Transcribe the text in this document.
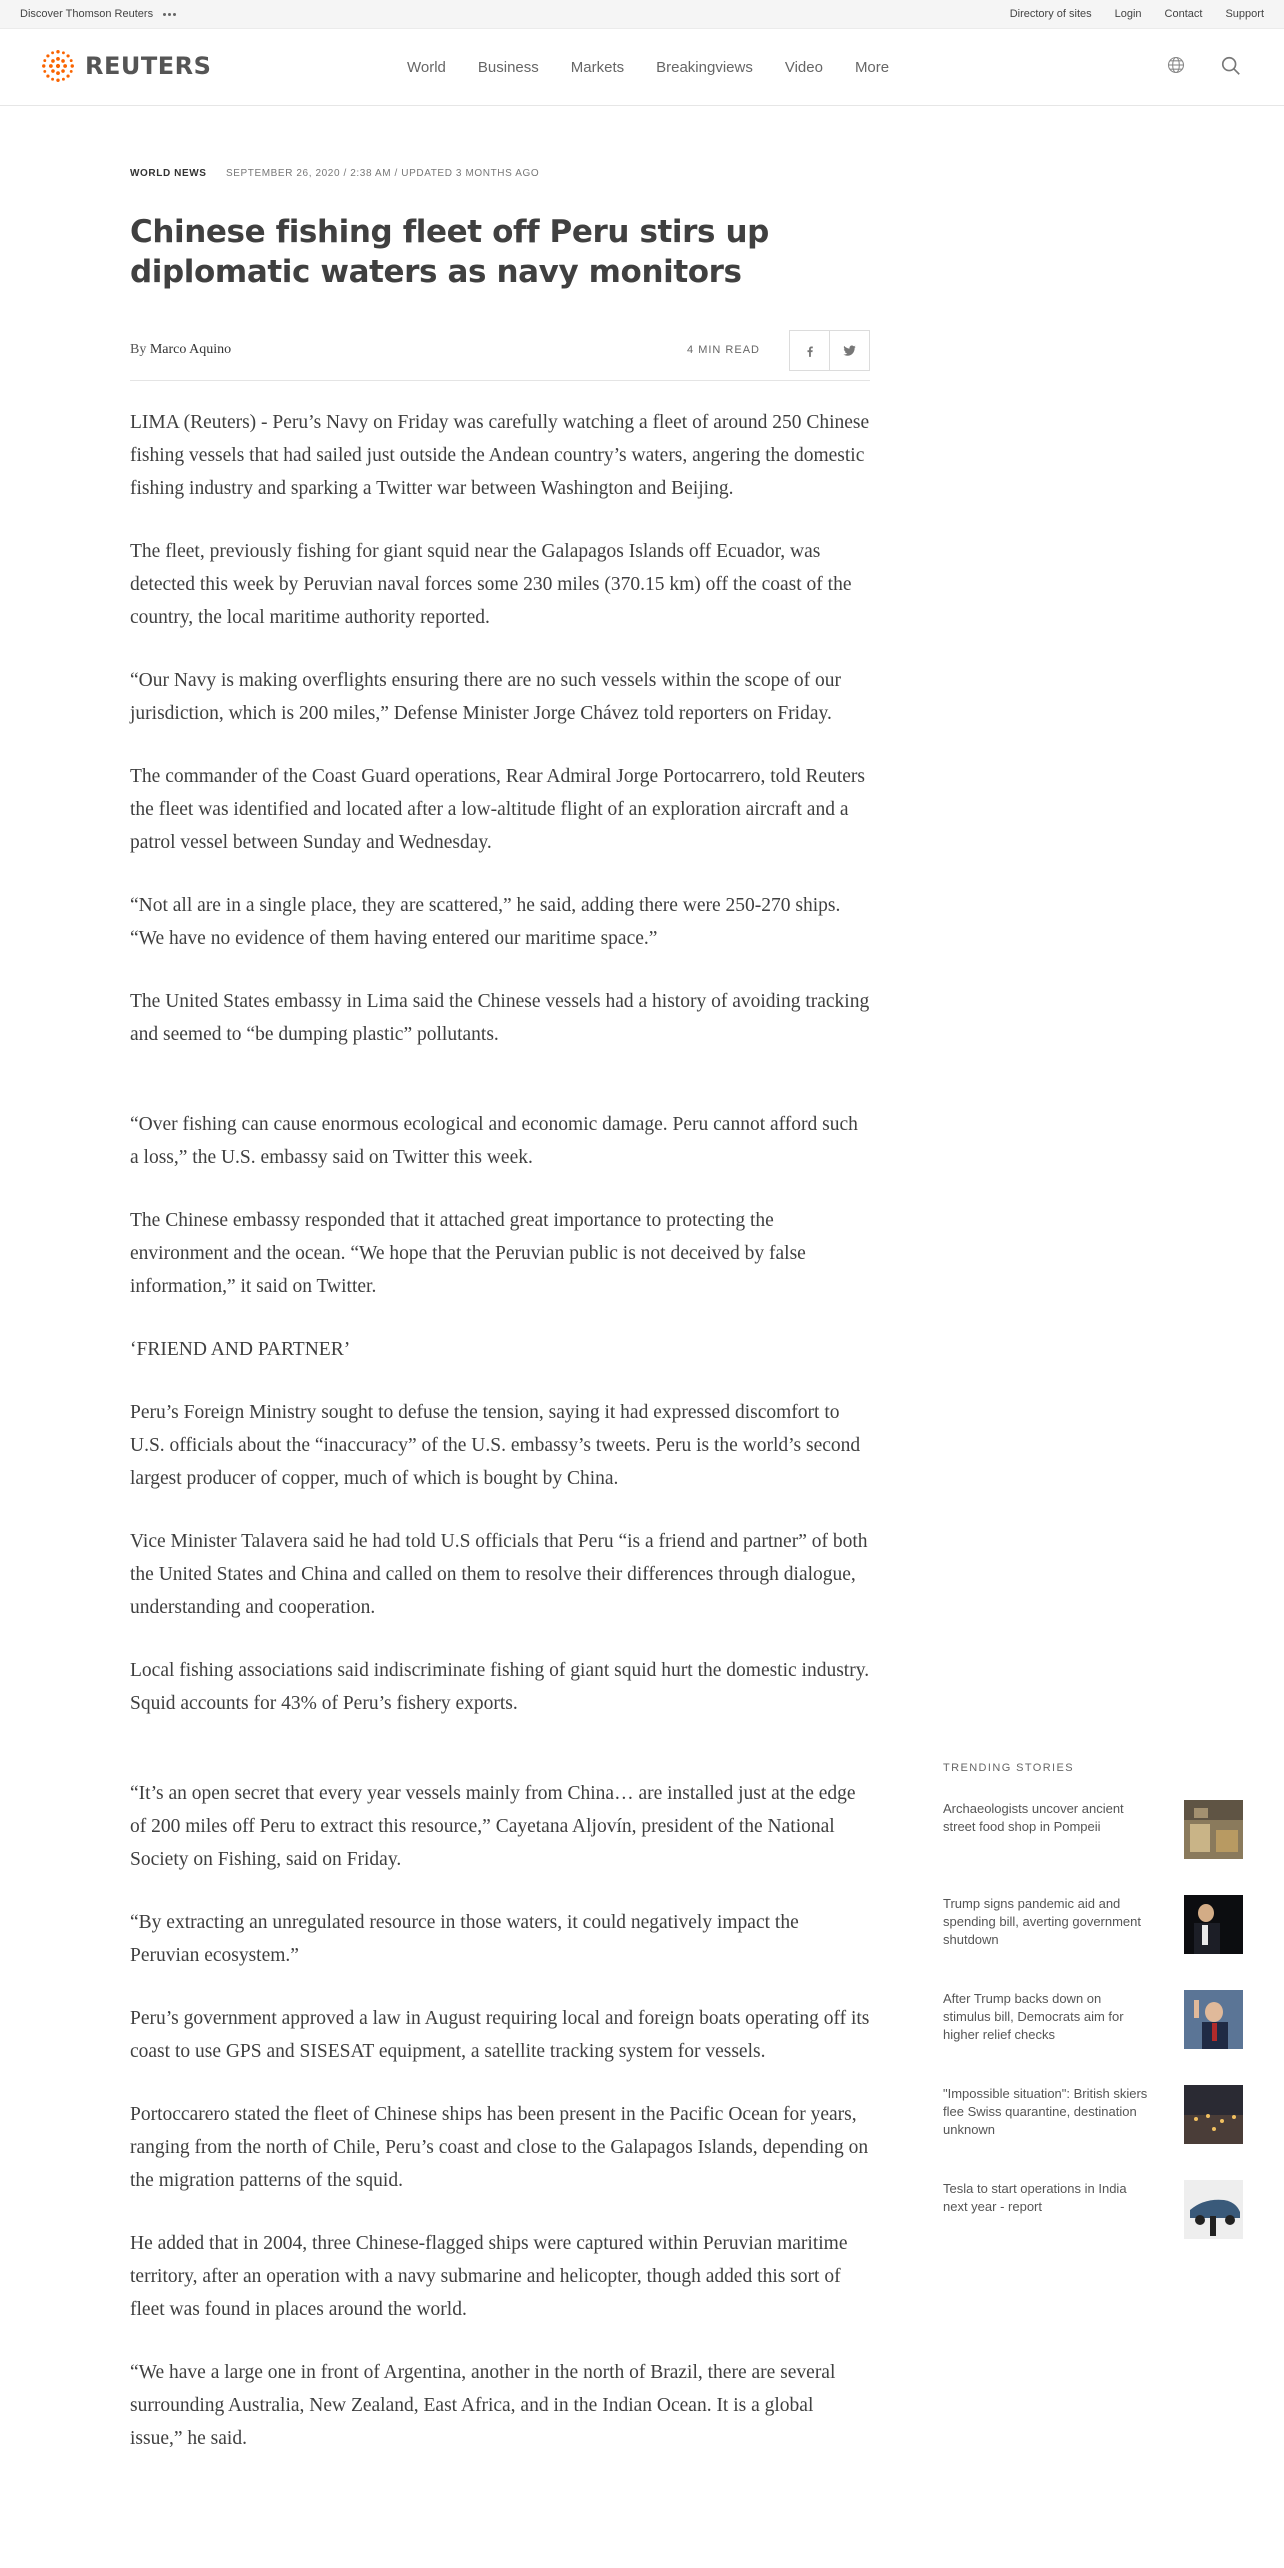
Discover Thomson Reuters	Directory of sites Login Contact Support
REUTERS	World Business Markets Breakingviews Video More
WORLD NEWS SEPTEMBER 26, 2020 / 2:38 AM / UPDATED 3 MONTHS AGO
Chinese fishing fleet off Peru stirs up diplomatic waters as navy monitors
By Marco Aquino	4 MIN READ

LIMA (Reuters) - Peru’s Navy on Friday was carefully watching a fleet of around 250 Chinese fishing vessels that had sailed just outside the Andean country’s waters, angering the domestic fishing industry and sparking a Twitter war between Washington and Beijing.

The fleet, previously fishing for giant squid near the Galapagos Islands off Ecuador, was detected this week by Peruvian naval forces some 230 miles (370.15 km) off the coast of the country, the local maritime authority reported.

“Our Navy is making overflights ensuring there are no such vessels within the scope of our jurisdiction, which is 200 miles,” Defense Minister Jorge Chávez told reporters on Friday.

The commander of the Coast Guard operations, Rear Admiral Jorge Portocarrero, told Reuters the fleet was identified and located after a low-altitude flight of an exploration aircraft and a patrol vessel between Sunday and Wednesday.

“Not all are in a single place, they are scattered,” he said, adding there were 250-270 ships. “We have no evidence of them having entered our maritime space.”

The United States embassy in Lima said the Chinese vessels had a history of avoiding tracking and seemed to “be dumping plastic” pollutants.

“Over fishing can cause enormous ecological and economic damage. Peru cannot afford such a loss,” the U.S. embassy said on Twitter this week.

The Chinese embassy responded that it attached great importance to protecting the environment and the ocean. “We hope that the Peruvian public is not deceived by false information,” it said on Twitter.

‘FRIEND AND PARTNER’

Peru’s Foreign Ministry sought to defuse the tension, saying it had expressed discomfort to U.S. officials about the “inaccuracy” of the U.S. embassy’s tweets. Peru is the world’s second largest producer of copper, much of which is bought by China.

Vice Minister Talavera said he had told U.S officials that Peru “is a friend and partner” of both the United States and China and called on them to resolve their differences through dialogue, understanding and cooperation.

Local fishing associations said indiscriminate fishing of giant squid hurt the domestic industry. Squid accounts for 43% of Peru’s fishery exports.

“It’s an open secret that every year vessels mainly from China… are installed just at the edge of 200 miles off Peru to extract this resource,” Cayetana Aljovín, president of the National Society on Fishing, said on Friday.

“By extracting an unregulated resource in those waters, it could negatively impact the Peruvian ecosystem.”

Peru’s government approved a law in August requiring local and foreign boats operating off its coast to use GPS and SISESAT equipment, a satellite tracking system for vessels.

Portoccarero stated the fleet of Chinese ships has been present in the Pacific Ocean for years, ranging from the north of Chile, Peru’s coast and close to the Galapagos Islands, depending on the migration patterns of the squid.

He added that in 2004, three Chinese-flagged ships were captured within Peruvian maritime territory, after an operation with a navy submarine and helicopter, though added this sort of fleet was found in places around the world.

“We have a large one in front of Argentina, another in the north of Brazil, there are several surrounding Australia, New Zealand, East Africa, and in the Indian Ocean. It is a global issue,” he said.

TRENDING STORIES
Archaeologists uncover ancient street food shop in Pompeii
Trump signs pandemic aid and spending bill, averting government shutdown
After Trump backs down on stimulus bill, Democrats aim for higher relief checks
"Impossible situation": British skiers flee Swiss quarantine, destination unknown
Tesla to start operations in India next year - report
